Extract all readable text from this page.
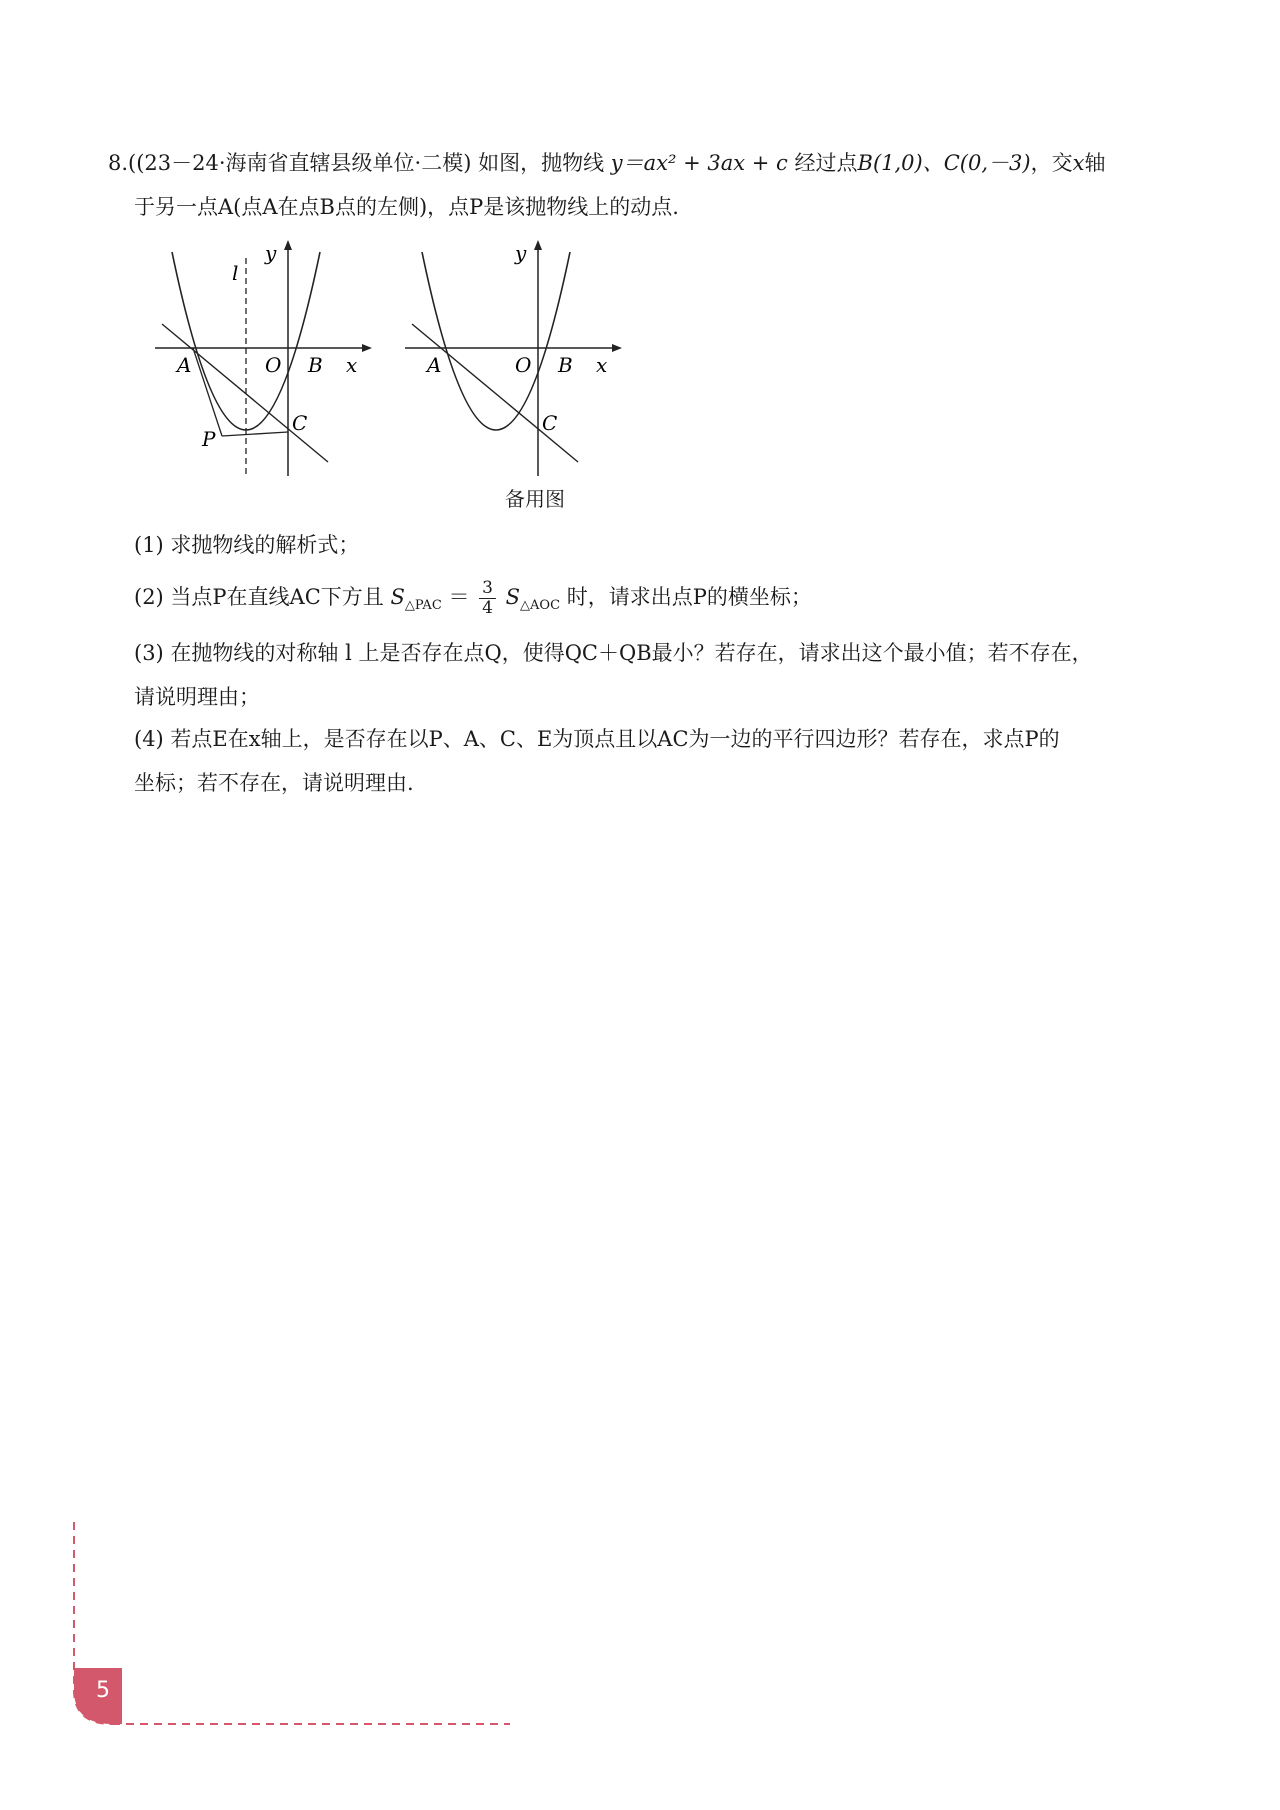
8.((23－24·海南省直辖县级单位·二模) 如图，抛物线 y＝ax² + 3ax + c 经过点B(1,0)、C(0,－3)，交x轴
于另一点A(点A在点B点的左侧)，点P是该抛物线上的动点.
y
l
x
A	O B
C
P
y
x
A	O B
C
备用图
(1) 求抛物线的解析式；
(2) 当点P在直线AC下方且 $S_{\triangle PAC} = \frac{3}{4} S_{\triangle AOC}$ 时，请求出点P的横坐标；
(3) 在抛物线的对称轴 l 上是否存在点Q，使得QC＋QB最小？若存在，请求出这个最小值；若不存在，
请说明理由；
(4) 若点E在x轴上，是否存在以P、A、C、E为顶点且以AC为一边的平行四边形？若存在，求点P的
坐标；若不存在，请说明理由.
5
